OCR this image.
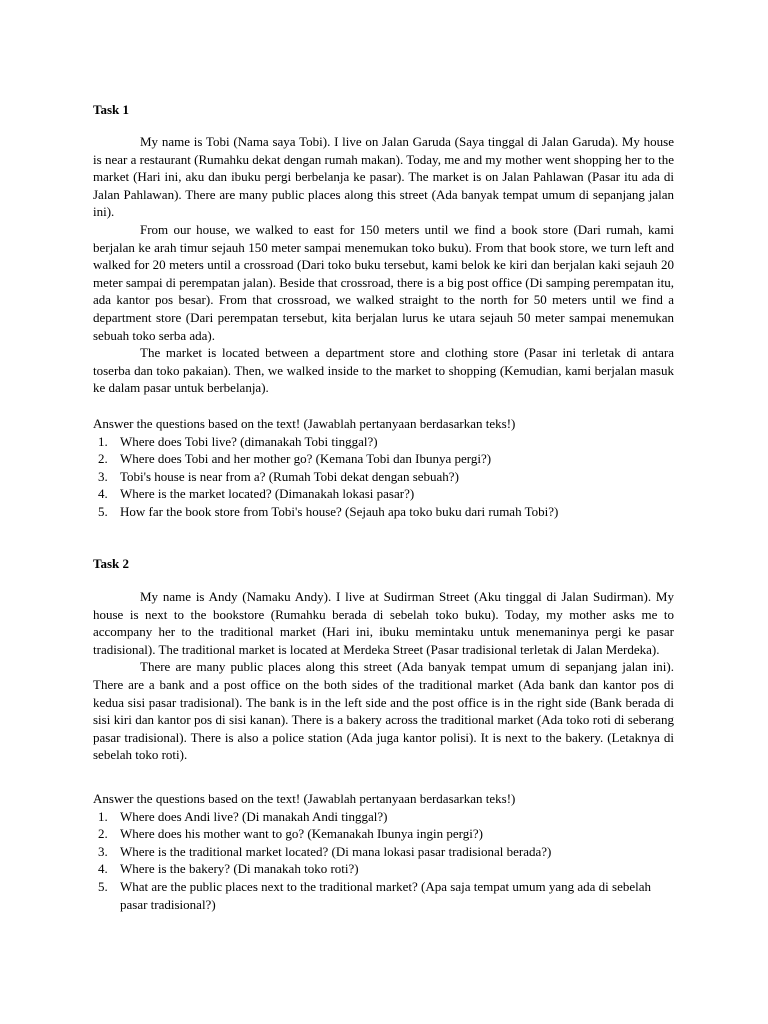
Task 1

My name is Tobi (Nama saya Tobi). I live on Jalan Garuda (Saya tinggal di Jalan Garuda). My house is near a restaurant (Rumahku dekat dengan rumah makan). Today, me and my mother went shopping her to the market (Hari ini, aku dan ibuku pergi berbelanja ke pasar). The market is on Jalan Pahlawan (Pasar itu ada di Jalan Pahlawan). There are many public places along this street (Ada banyak tempat umum di sepanjang jalan ini).

From our house, we walked to east for 150 meters until we find a book store (Dari rumah, kami berjalan ke arah timur sejauh 150 meter sampai menemukan toko buku). From that book store, we turn left and walked for 20 meters until a crossroad (Dari toko buku tersebut, kami belok ke kiri dan berjalan kaki sejauh 20 meter sampai di perempatan jalan). Beside that crossroad, there is a big post office (Di samping perempatan itu, ada kantor pos besar). From that crossroad, we walked straight to the north for 50 meters until we find a department store (Dari perempatan tersebut, kita berjalan lurus ke utara sejauh 50 meter sampai menemukan sebuah toko serba ada).

The market is located between a department store and clothing store (Pasar ini terletak di antara toserba dan toko pakaian). Then, we walked inside to the market to shopping (Kemudian, kami berjalan masuk ke dalam pasar untuk berbelanja).

Answer the questions based on the text! (Jawablah pertanyaan berdasarkan teks!)

1. Where does Tobi live? (dimanakah Tobi tinggal?)
2. Where does Tobi and her mother go? (Kemana Tobi dan Ibunya pergi?)
3. Tobi's house is near from a? (Rumah Tobi dekat dengan sebuah?)
4. Where is the market located? (Dimanakah lokasi pasar?)
5. How far the book store from Tobi's house? (Sejauh apa toko buku dari rumah Tobi?)

Task 2

My name is Andy (Namaku Andy). I live at Sudirman Street (Aku tinggal di Jalan Sudirman). My house is next to the bookstore (Rumahku berada di sebelah toko buku). Today, my mother asks me to accompany her to the traditional market (Hari ini, ibuku memintaku untuk menemaninya pergi ke pasar tradisional). The traditional market is located at Merdeka Street (Pasar tradisional terletak di Jalan Merdeka).

There are many public places along this street (Ada banyak tempat umum di sepanjang jalan ini). There are a bank and a post office on the both sides of the traditional market (Ada bank dan kantor pos di kedua sisi pasar tradisional). The bank is in the left side and the post office is in the right side (Bank berada di sisi kiri dan kantor pos di sisi kanan). There is a bakery across the traditional market (Ada toko roti di seberang pasar tradisional). There is also a police station (Ada juga kantor polisi). It is next to the bakery. (Letaknya di sebelah toko roti).

Answer the questions based on the text! (Jawablah pertanyaan berdasarkan teks!)

1. Where does Andi live? (Di manakah Andi tinggal?)
2. Where does his mother want to go? (Kemanakah Ibunya ingin pergi?)
3. Where is the traditional market located? (Di mana lokasi pasar tradisional berada?)
4. Where is the bakery? (Di manakah toko roti?)
5. What are the public places next to the traditional market? (Apa saja tempat umum yang ada di sebelah pasar tradisional?)
